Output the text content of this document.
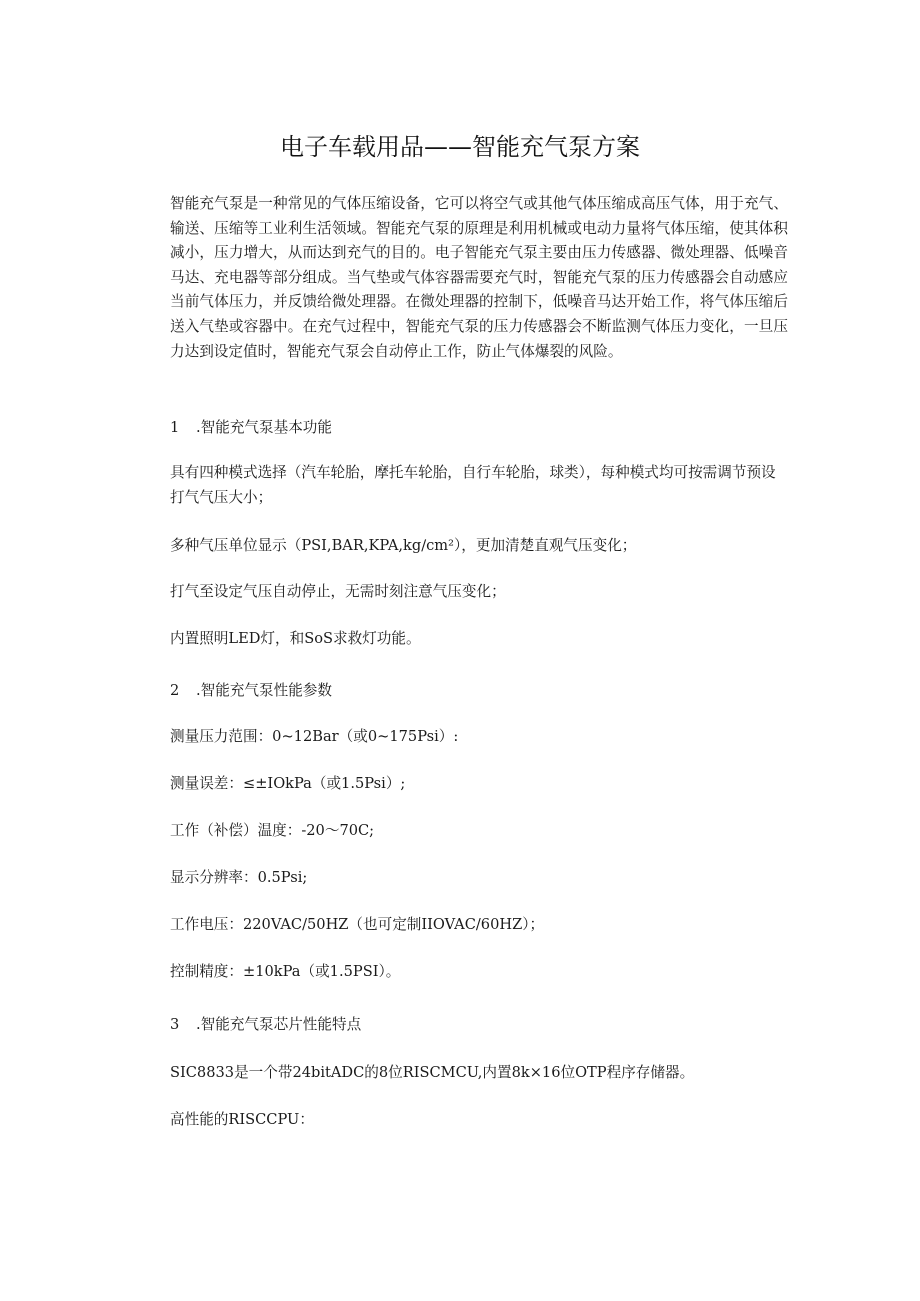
电子车载用品——智能充气泵方案

智能充气泵是一种常见的气体压缩设备，它可以将空气或其他气体压缩成高压气体，用于充气、输送、压缩等工业利生活领域。智能充气泵的原理是利用机械或电动力量将气体压缩，使其体积减小，压力增大，从而达到充气的目的。电子智能充气泵主要由压力传感器、微处理器、低噪音马达、充电器等部分组成。当气垫或气体容器需要充气时，智能充气泵的压力传感器会自动感应当前气体压力，并反馈给微处理器。在微处理器的控制下，低噪音马达开始工作，将气体压缩后送入气垫或容器中。在充气过程中，智能充气泵的压力传感器会不断监测气体压力变化，一旦压力达到设定值时，智能充气泵会自动停止工作，防止气体爆裂的风险。

1 .智能充气泵基本功能
具有四种模式选择（汽车轮胎，摩托车轮胎，自行车轮胎，球类），每种模式均可按需调节预设打气气压大小；
多种气压单位显示（PSI,BAR,KPA,kg∕cm²），更加清楚直观气压变化；
打气至设定气压自动停止，无需时刻注意气压变化；
内置照明LED灯，和SoS求救灯功能。
2 .智能充气泵性能参数
测量压力范围：0~12Bar（或0~175Psi）:
测量误差：≤±IOkPa（或1.5Psi）;
工作（补偿）温度：-20～70C;
显示分辨率：0.5Psi;
工作电压：220VAC/50HZ（也可定制IIOVAC/60HZ）；
控制精度：±10kPa（或1.5PSI）。
3 .智能充气泵芯片性能特点
SIC8833是一个带24bitADC的8位RISCMCU,内置8k×16位OTP程序存储器。
高性能的RISCCPU：
